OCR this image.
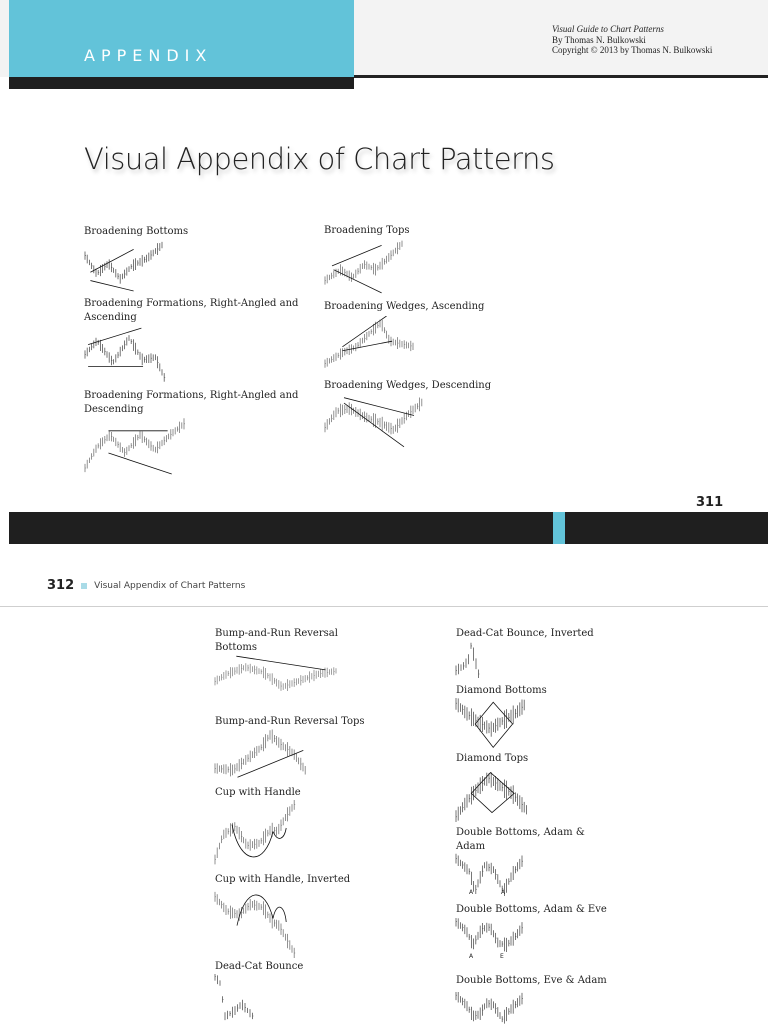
APPENDIX
Visual Guide to Chart Patterns
By Thomas N. Bulkowski
Copyright © 2013 by Thomas N. Bulkowski
Visual Appendix of Chart Patterns
Broadening Bottoms
Broadening Formations, Right-Angled and Ascending
Broadening Formations, Right-Angled and Descending
Broadening Tops
Broadening Wedges, Ascending
Broadening Wedges, Descending
311
312 Visual Appendix of Chart Patterns
Bump-and-Run Reversal Bottoms
Bump-and-Run Reversal Tops
Cup with Handle
Cup with Handle, Inverted
Dead-Cat Bounce
Dead-Cat Bounce, Inverted
Diamond Bottoms
Diamond Tops
Double Bottoms, Adam & Adam
A	A
Double Bottoms, Adam & Eve
A	E
Double Bottoms, Eve & Adam
